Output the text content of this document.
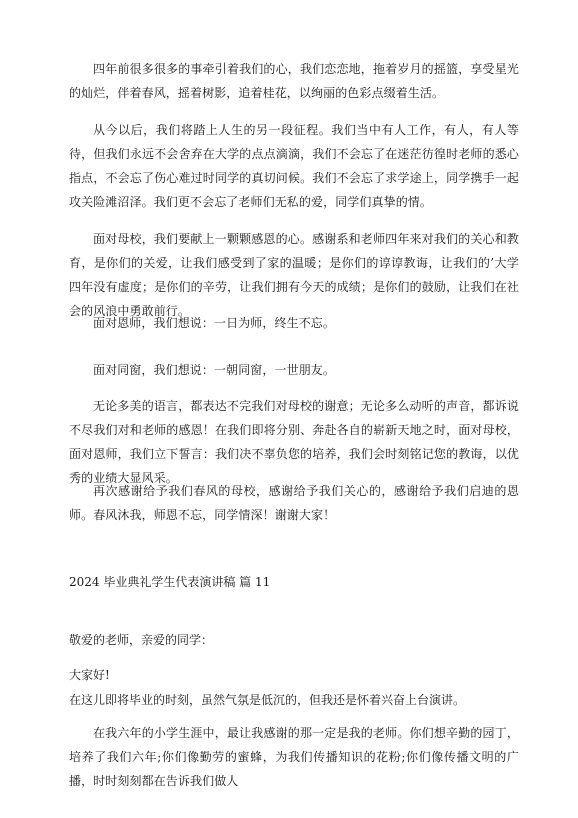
四年前很多很多的事牵引着我们的心，我们恋恋地，拖着岁月的摇篮，享受星光的灿烂，伴着春风，摇着树影，追着桂花，以绚丽的色彩点缀着生活。

从今以后，我们将踏上人生的另一段征程。我们当中有人工作，有人，有人等待，但我们永远不会舍弃在大学的点点滴滴，我们不会忘了在迷茫彷徨时老师的悉心指点，不会忘了伤心难过时同学的真切问候。我们不会忘了求学途上，同学携手一起攻关险滩沼泽。我们更不会忘了老师们无私的爱，同学们真挚的情。

面对母校，我们要献上一颗颗感恩的心。感谢系和老师四年来对我们的关心和教育，是你们的关爱，让我们感受到了家的温暖；是你们的谆谆教诲，让我们的’大学四年没有虚度；是你们的辛劳，让我们拥有今天的成绩；是你们的鼓励，让我们在社会的风浪中勇敢前行。

面对恩师，我们想说：一日为师，终生不忘。

面对同窗，我们想说：一朝同窗，一世朋友。

无论多美的语言，都表达不完我们对母校的谢意；无论多么动听的声音，都诉说不尽我们对和老师的感恩！在我们即将分别、奔赴各自的崭新天地之时，面对母校，面对恩师，我们立下誓言：我们决不辜负您的培养，我们会时刻铭记您的教诲，以优秀的业绩大显风采。

再次感谢给予我们春风的母校，感谢给予我们关心的，感谢给予我们启迪的恩师。春风沐我，师恩不忘，同学情深！谢谢大家！

2024 毕业典礼学生代表演讲稿 篇 11

敬爱的老师，亲爱的同学：

大家好!

在这儿即将毕业的时刻，虽然气氛是低沉的，但我还是怀着兴奋上台演讲。

在我六年的小学生涯中，最让我感谢的那一定是我的老师。你们想辛勤的园丁，培养了我们六年;你们像勤劳的蜜蜂，为我们传播知识的花粉;你们像传播文明的广播，时时刻刻都在告诉我们做人
